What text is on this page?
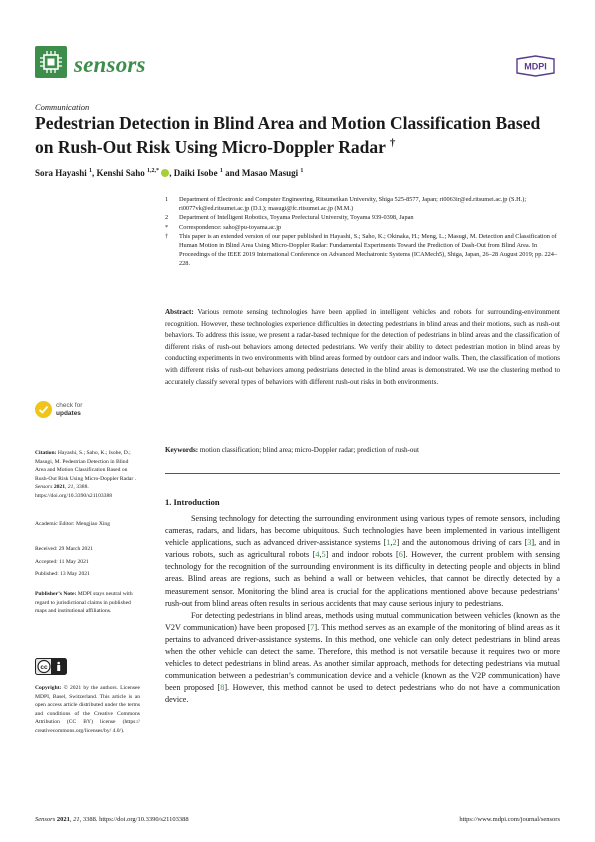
sensors	MDPI
Communication
Pedestrian Detection in Blind Area and Motion Classification Based on Rush-Out Risk Using Micro-Doppler Radar †
Sora Hayashi $^1$, Kenshi Saho $^{1,2,*}$ , Daiki Isobe $^1$ and Masao Masugi $^1$
1	Department of Electronic and Computer Engineering, Ritsumeikan University, Shiga 525-8577, Japan; ri0063ir@ed.ritsumei.ac.jp (S.H.); ri0077vk@ed.ritsumei.ac.jp (D.I.); masugi@fc.ritsumei.ac.jp (M.M.)
2	Department of Intelligent Robotics, Toyama Prefectural University, Toyama 939-0398, Japan
*	Correspondence: saho@pu-toyama.ac.jp
†	This paper is an extended version of our paper published in Hayashi, S.; Saho, K.; Okinaka, H.; Meng, L.; Masugi, M. Detection and Classification of Human Motion in Blind Area Using Micro-Doppler Radar: Fundamental Experiments Toward the Prediction of Dash-Out from Blind Area. In Proceedings of the IEEE 2019 International Conference on Advanced Mechatronic Systems (ICAMech5), Shiga, Japan, 26–28 August 2019; pp. 224–228.
Abstract: Various remote sensing technologies have been applied in intelligent vehicles and robots for surrounding-environment recognition. However, these technologies experience difficulties in detecting pedestrians in blind areas and their motions, such as rush-out behaviors. To address this issue, we present a radar-based technique for the detection of pedestrians in blind areas and the classification of different risks of rush-out behaviors among detected pedestrians. We verify their ability to detect pedestrian motion in blind areas by conducting experiments in two environments with blind areas formed by outdoor cars and indoor walls. Then, the classification of motions with different risks of rush-out behaviors among pedestrians detected in the blind areas is demonstrated. We use the clustering method to accurately classify several types of behaviors with different rush-out risks in both environments.
Keywords: motion classification; blind area; micro-Doppler radar; prediction of rush-out
1. Introduction

Sensing technology for detecting the surrounding environment using various types of remote sensors, including cameras, radars, and lidars, has become ubiquitous. Such technologies have been implemented in various intelligent vehicle applications, such as advanced driver-assistance systems [1,2] and the autonomous driving of cars [3], and in various robots, such as agricultural robots [4,5] and indoor robots [6]. However, the current problem with sensing technology for the recognition of the surrounding environment is its difficulty in detecting people and objects in blind areas. Blind areas are regions, such as behind a wall or between vehicles, that cannot be directly detected by a measurement sensor. Monitoring the blind area is crucial for the applications mentioned above because pedestrians’ rush-out from blind areas often results in serious accidents that may cause serious injury to pedestrians.

For detecting pedestrians in blind areas, methods using mutual communication between vehicles (known as the V2V communication) have been proposed [7]. This method serves as an example of the monitoring of blind areas as it pertains to advanced driver-assistance systems. In this method, one vehicle can only detect pedestrians in blind areas when the other vehicle can detect the same. Therefore, this method is not versatile because it requires two or more vehicles to detect pedestrians in blind areas. As another similar approach, methods for detecting pedestrians via mutual communication between a pedestrian’s communication device and a vehicle (known as the V2P communication) have been proposed [8]. However, this method cannot be used to detect pedestrians who do not have a communication device.

check for
updates
Citation: Hayashi, S.; Saho, K.; Isobe, D.; Masugi, M. Pedestrian Detection in Blind Area and Motion Classification Based on Rush-Out Risk Using Micro-Doppler Radar . Sensors 2021, 21, 3388. https://doi.org/10.3390/s21103388
Academic Editor: Mengjiao Xing
Received: 29 March 2021
Accepted: 11 May 2021
Published: 13 May 2021
Publisher’s Note: MDPI stays neutral with regard to jurisdictional claims in published maps and institutional affiliations.
cc
Copyright: © 2021 by the authors. Licensee MDPI, Basel, Switzerland. This article is an open access article distributed under the terms and conditions of the Creative Commons Attribution (CC BY) license (https:// creativecommons.org/licenses/by/ 4.0/).
Sensors 2021, 21, 3388. https://doi.org/10.3390/s21103388	https://www.mdpi.com/journal/sensors
